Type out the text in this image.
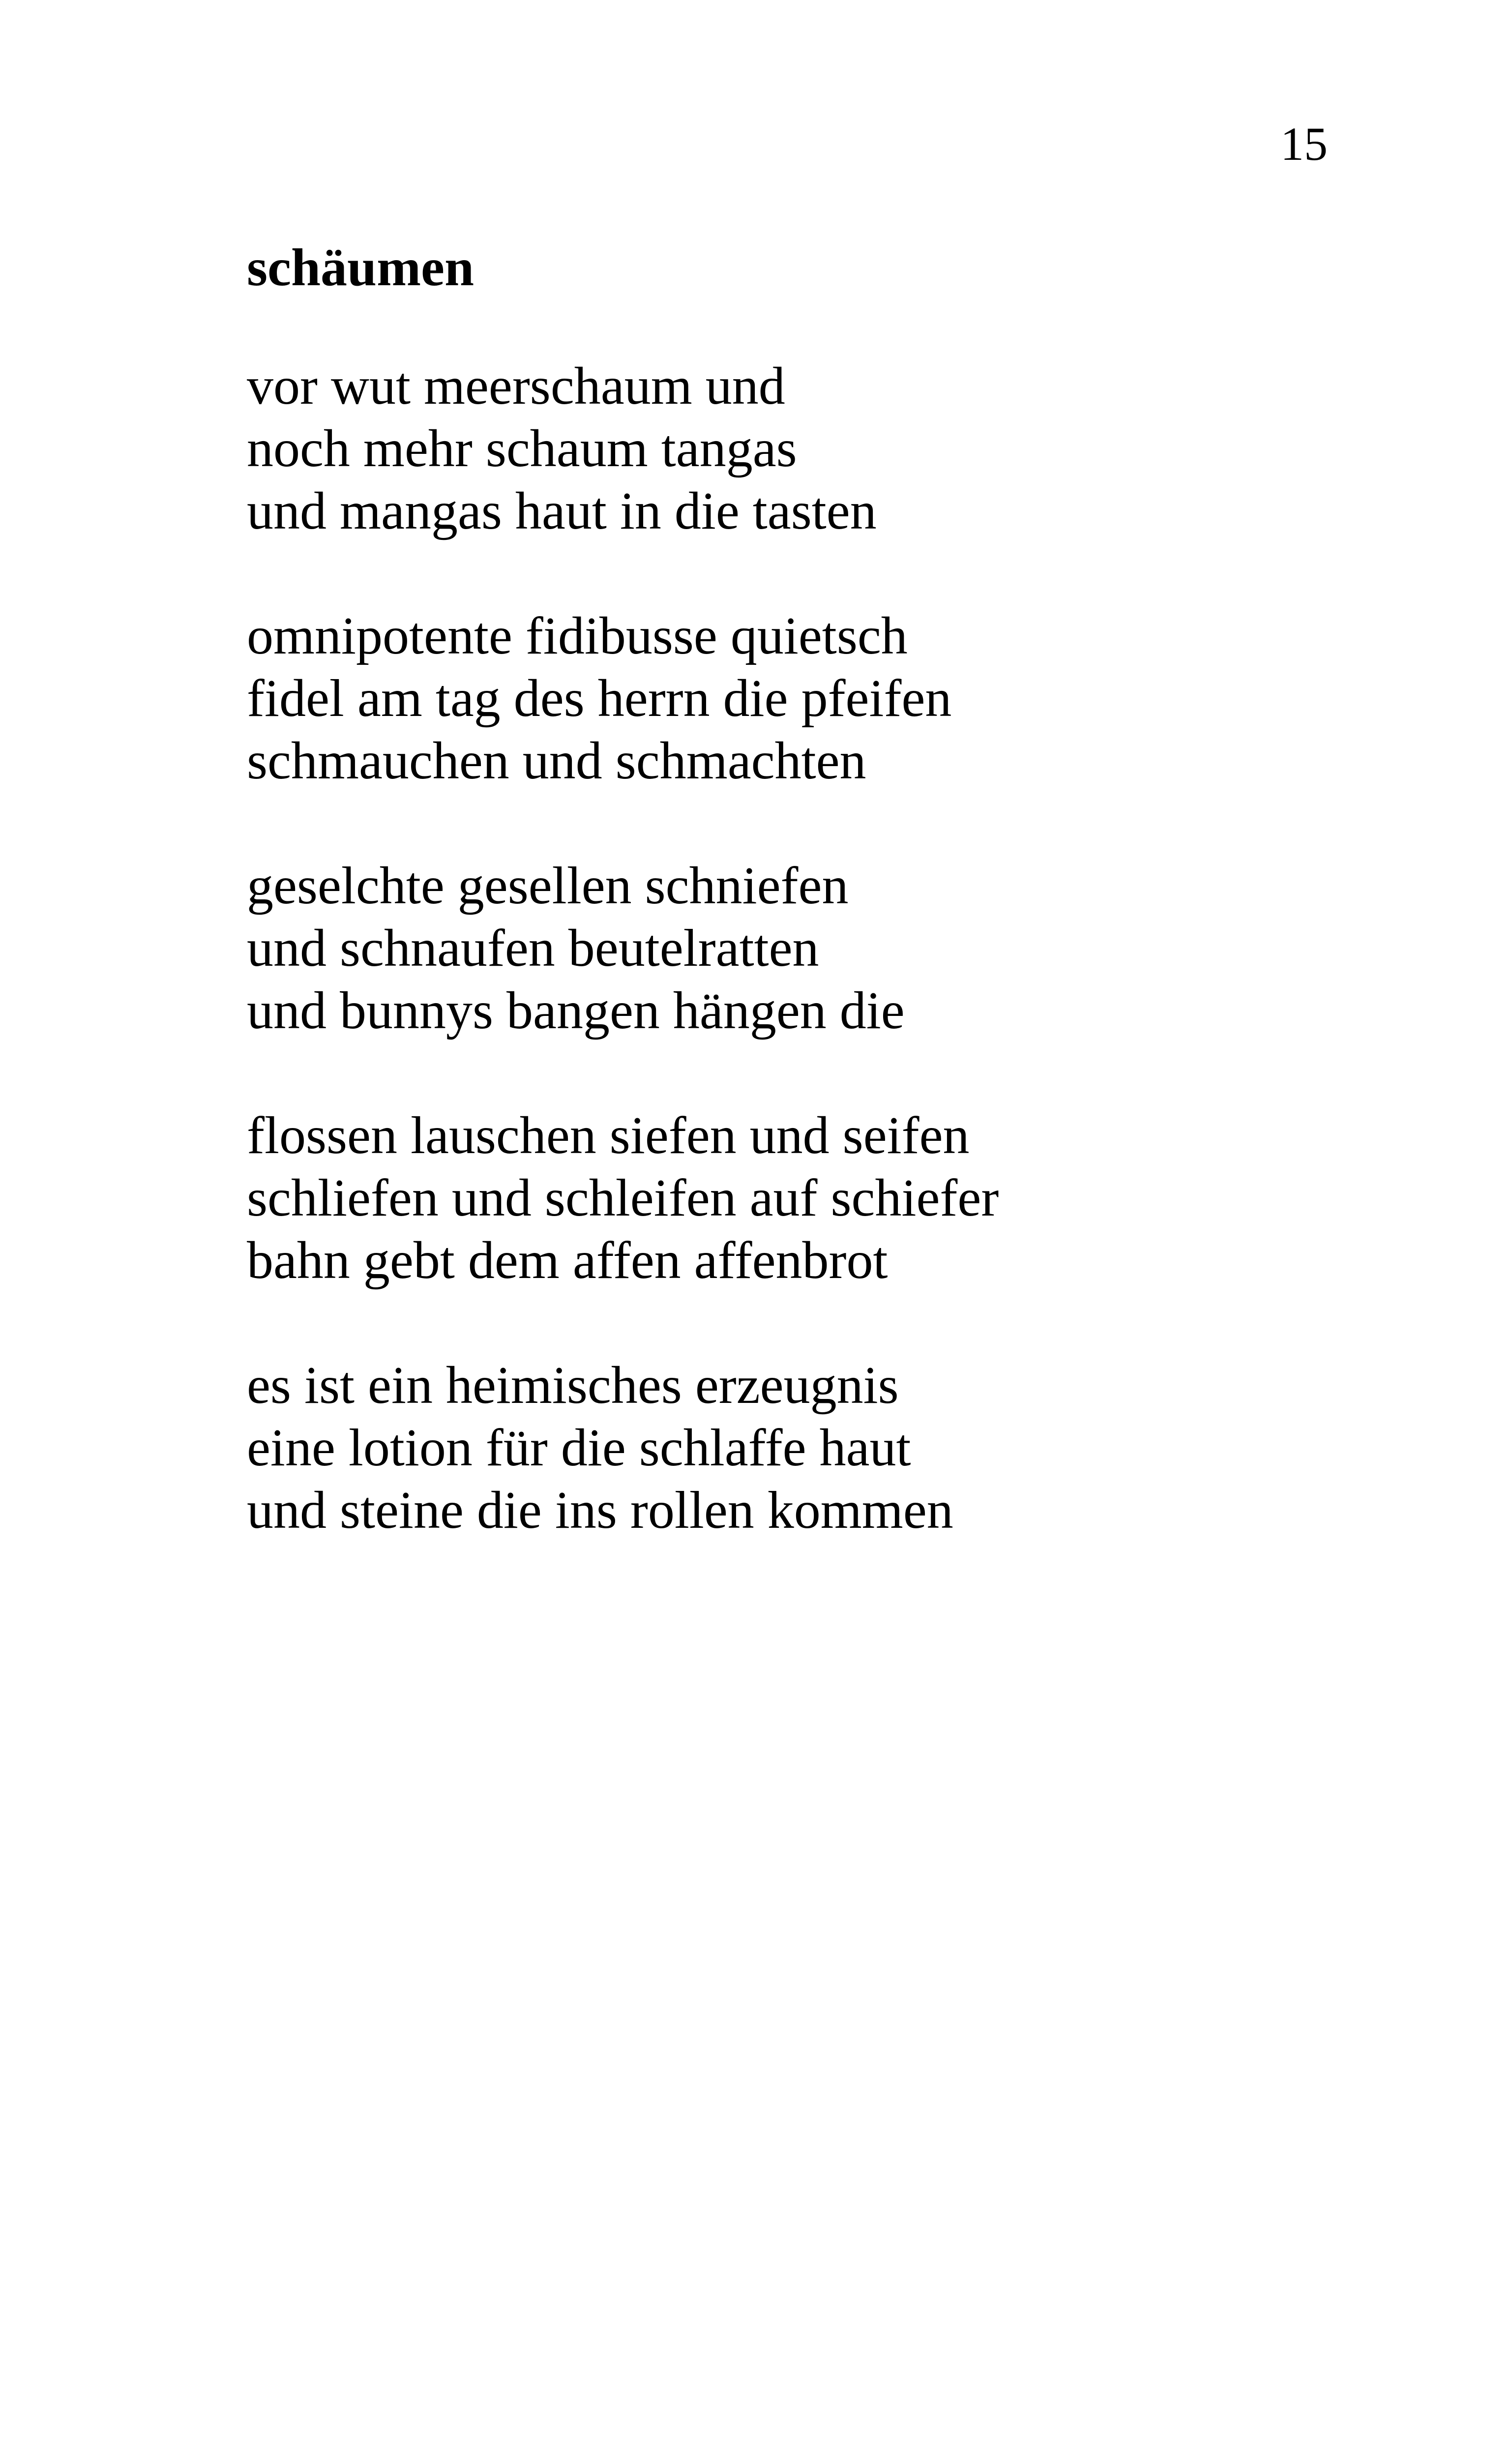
15
schäumen
vor wut meerschaum und
noch mehr schaum tangas
und mangas haut in die tasten
omnipotente fidibusse quietsch
fidel am tag des herrn die pfeifen
schmauchen und schmachten
geselchte gesellen schniefen
und schnaufen beutelratten
und bunnys bangen hängen die
flossen lauschen siefen und seifen
schliefen und schleifen auf schiefer
bahn gebt dem affen affenbrot
es ist ein heimisches erzeugnis
eine lotion für die schlaffe haut
und steine die ins rollen kommen
